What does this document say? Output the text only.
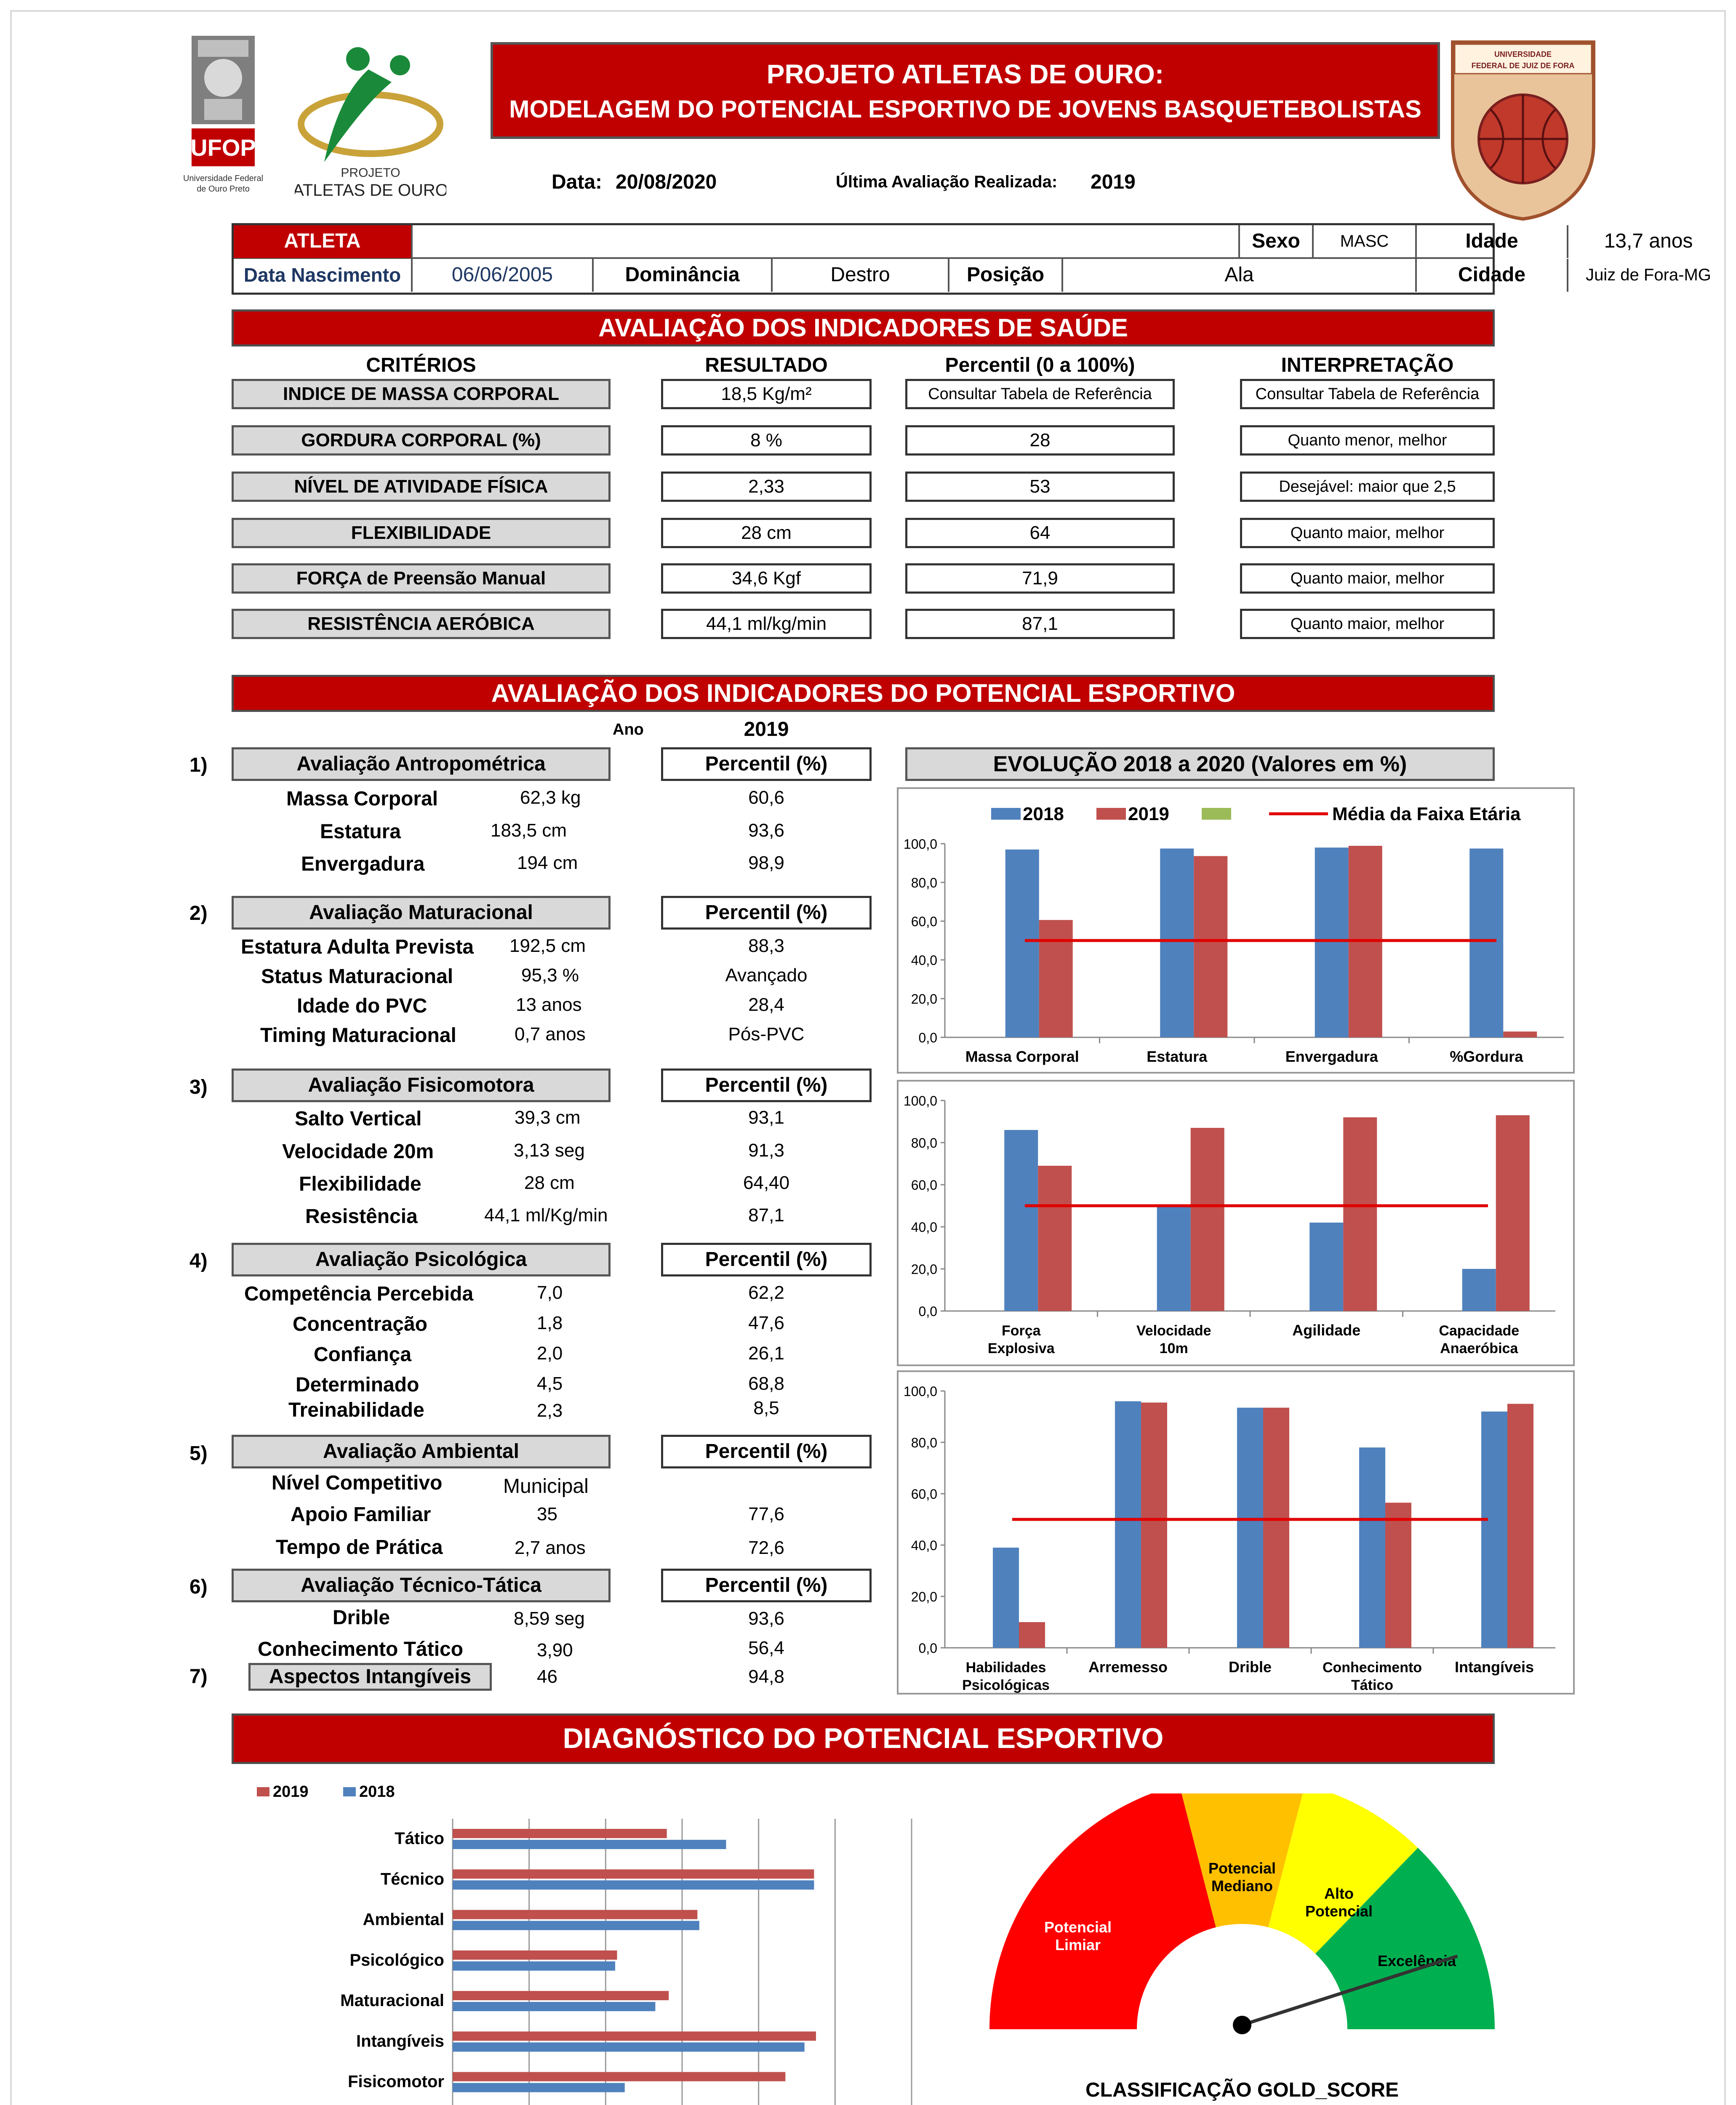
UFOP
Universidade Federal
de Ouro Preto
PROJETO
ATLETAS DE OURO
UNIVERSIDADE
FEDERAL DE JUIZ DE FORA
PROJETO ATLETAS DE OURO:
MODELAGEM DO POTENCIAL ESPORTIVO DE JOVENS BASQUETEBOLISTAS
Data: 20/08/2020	Última Avaliação Realizada: 2019
ATLETA	Sexo	MASC	Idade	13,7 anos
Data Nascimento	06/06/2005	Dominância	Destro	Posição	Ala	Cidade	Juiz de Fora-MG
AVALIAÇÃO DOS INDICADORES DE SAÚDE
CRITÉRIOS	RESULTADO	Percentil (0 a 100%)	INTERPRETAÇÃO
INDICE DE MASSA CORPORAL	18,5 Kg/m²	Consultar Tabela de Referência	Consultar Tabela de Referência
GORDURA CORPORAL (%)	8 %	28	Quanto menor, melhor
NÍVEL DE ATIVIDADE FÍSICA	2,33	53	Desejável: maior que 2,5
FLEXIBILIDADE	28 cm	64	Quanto maior, melhor
FORÇA de Preensão Manual	34,6 Kgf	71,9	Quanto maior, melhor
RESISTÊNCIA AERÓBICA	44,1 ml/kg/min	87,1	Quanto maior, melhor
AVALIAÇÃO DOS INDICADORES DO POTENCIAL ESPORTIVO
Ano	2019
EVOLUÇÃO 2018 a 2020 (Valores em %)
1)	Avaliação Antropométrica	Percentil (%)
Massa Corporal	62,3 kg	60,6
Estatura	183,5 cm	93,6
Envergadura	194 cm	98,9
2)	Avaliação Maturacional	Percentil (%)
Estatura Adulta Prevista 192,5 cm	88,3
Status Maturacional	95,3 %	Avançado
Idade do PVC	13 anos	28,4
Timing Maturacional	0,7 anos	Pós-PVC
3)	Avaliação Fisicomotora	Percentil (%)
Salto Vertical	39,3 cm	93,1
Velocidade 20m	3,13 seg	91,3
Flexibilidade	28 cm	64,40
Resistência	44,1 ml/Kg/min	87,1
4)	Avaliação Psicológica	Percentil (%)
Competência Percebida	7,0	62,2
Concentração	1,8	47,6
Confiança	2,0	26,1
Determinado	4,5	68,8
Treinabilidade	2,3	8,5
5)	Avaliação Ambiental	Percentil (%)
Nível Competitivo	Municipal
Apoio Familiar	35	77,6
Tempo de Prática	2,7 anos	72,6
6)	Avaliação Técnico-Tática	Percentil (%)
Drible	8,59 seg	93,6
Conhecimento Tático	3,90	56,4
7)	Aspectos Intangíveis	46	94,8
0,0
20,0
40,0
60,0
80,0
100,0
Massa Corporal	Estatura	Envergadura	%Gordura
2018	2019	Média da Faixa Etária
0,0
20,0
40,0
60,0
80,0
100,0
Força
Explosiva
Velocidade
10m
Agilidade	Capacidade
Anaeróbica
0,0
20,0
40,0
60,0
80,0
100,0
Habilidades
Psicológicas
Arremesso	Drible	Conhecimento
Tático
Intangíveis
DIAGNÓSTICO DO POTENCIAL ESPORTIVO
2019	2018
Tático
Técnico
Ambiental
Psicológico
Maturacional
Intangíveis
Fisicomotor
Potencial
Limiar
Potencial
Mediano	Alto
Potencial
Excelência
CLASSIFICAÇÃO GOLD_SCORE
